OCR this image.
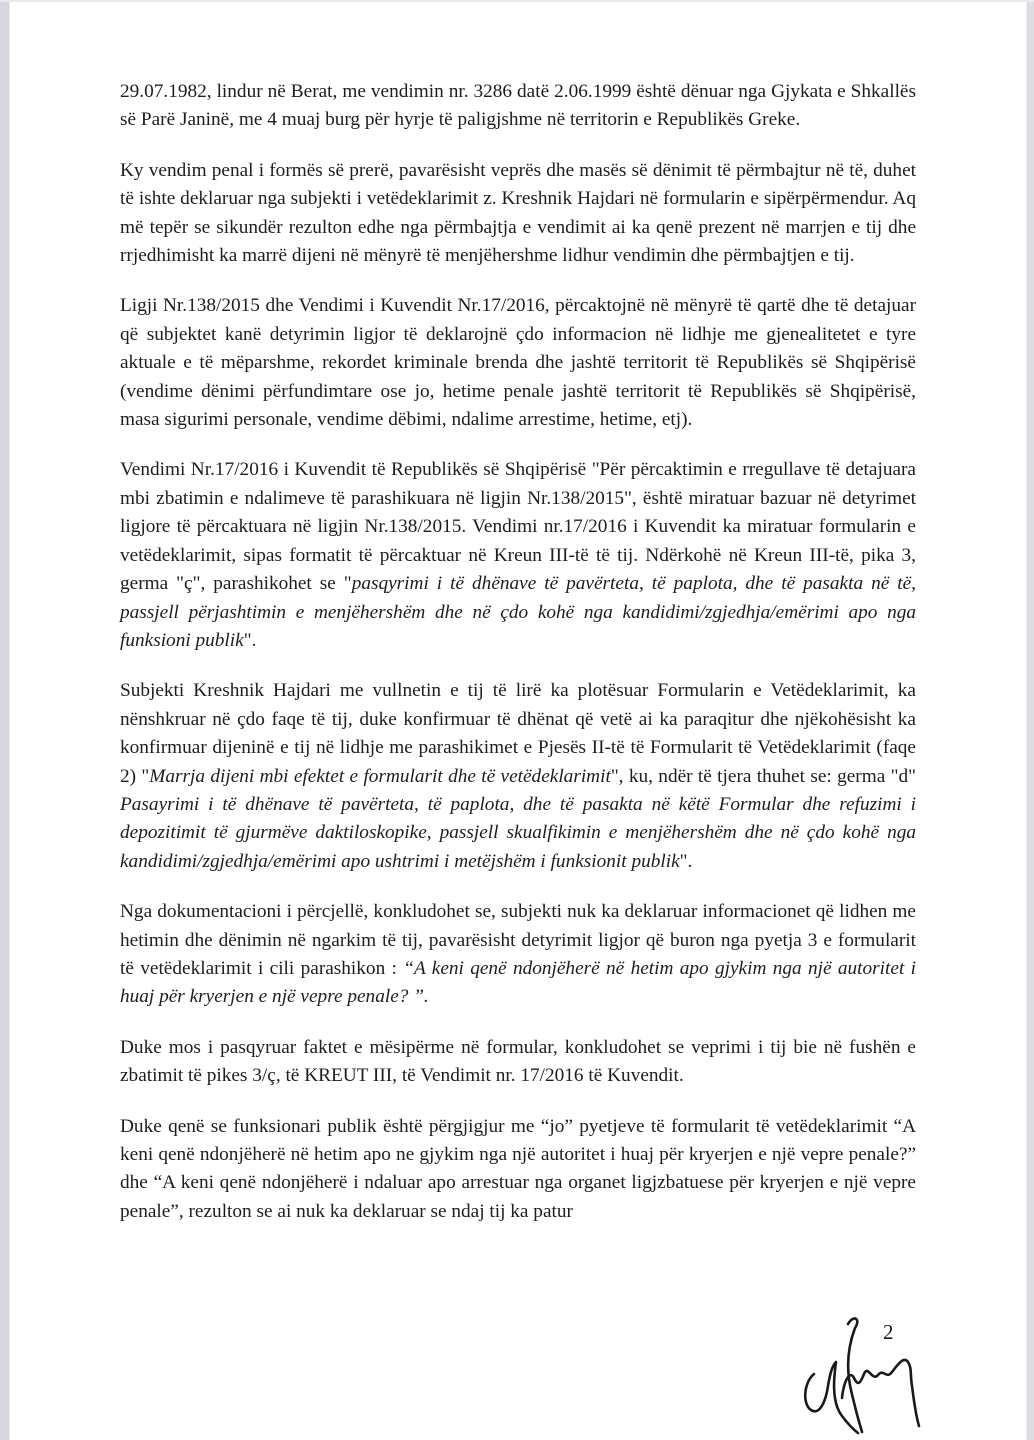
29.07.1982, lindur në Berat, me vendimin nr. 3286 datë 2.06.1999 është dënuar nga Gjykata e Shkallës së Parë Janinë, me 4 muaj burg për hyrje të paligjshme në territorin e Republikës Greke.

Ky vendim penal i formës së prerë, pavarësisht veprës dhe masës së dënimit të përmbajtur në të, duhet të ishte deklaruar nga subjekti i vetëdeklarimit z. Kreshnik Hajdari në formularin e sipërpërmendur. Aq më tepër se sikundër rezulton edhe nga përmbajtja e vendimit ai ka qenë prezent në marrjen e tij dhe rrjedhimisht ka marrë dijeni në mënyrë të menjëhershme lidhur vendimin dhe përmbajtjen e tij.

Ligji Nr.138/2015 dhe Vendimi i Kuvendit Nr.17/2016, përcaktojnë në mënyrë të qartë dhe të detajuar që subjektet kanë detyrimin ligjor të deklarojnë çdo informacion në lidhje me gjenealitetet e tyre aktuale e të mëparshme, rekordet kriminale brenda dhe jashtë territorit të Republikës së Shqipërisë (vendime dënimi përfundimtare ose jo, hetime penale jashtë territorit të Republikës së Shqipërisë, masa sigurimi personale, vendime dëbimi, ndalime arrestime, hetime, etj).

Vendimi Nr.17/2016 i Kuvendit të Republikës së Shqipërisë "Për përcaktimin e rregullave të detajuara mbi zbatimin e ndalimeve të parashikuara në ligjin Nr.138/2015", është miratuar bazuar në detyrimet ligjore të përcaktuara në ligjin Nr.138/2015. Vendimi nr.17/2016 i Kuvendit ka miratuar formularin e vetëdeklarimit, sipas formatit të përcaktuar në Kreun III-të të tij. Ndërkohë në Kreun III-të, pika 3, germa "ç", parashikohet se "pasqyrimi i të dhënave të pavërteta, të paplota, dhe të pasakta në të, passjell përjashtimin e menjëhershëm dhe në çdo kohë nga kandidimi/zgjedhja/emërimi apo nga funksioni publik".

Subjekti Kreshnik Hajdari me vullnetin e tij të lirë ka plotësuar Formularin e Vetëdeklarimit, ka nënshkruar në çdo faqe të tij, duke konfirmuar të dhënat që vetë ai ka paraqitur dhe njëkohësisht ka konfirmuar dijeninë e tij në lidhje me parashikimet e Pjesës II-të të Formularit të Vetëdeklarimit (faqe 2) "Marrja dijeni mbi efektet e formularit dhe të vetëdeklarimit", ku, ndër të tjera thuhet se: germa "d" Pasayrimi i të dhënave të pavërteta, të paplota, dhe të pasakta në këtë Formular dhe refuzimi i depozitimit të gjurmëve daktiloskopike, passjell skualfikimin e menjëhershëm dhe në çdo kohë nga kandidimi/zgjedhja/emërimi apo ushtrimi i metëjshëm i funksionit publik".

Nga dokumentacioni i përcjellë, konkludohet se, subjekti nuk ka deklaruar informacionet që lidhen me hetimin dhe dënimin në ngarkim të tij, pavarësisht detyrimit ligjor që buron nga pyetja 3 e formularit të vetëdeklarimit i cili parashikon : “A keni qenë ndonjëherë në hetim apo gjykim nga një autoritet i huaj për kryerjen e një vepre penale? ”.

Duke mos i pasqyruar faktet e mësipërme në formular, konkludohet se veprimi i tij bie në fushën e zbatimit të pikes 3/ç, të KREUT III, të Vendimit nr. 17/2016 të Kuvendit.

Duke qenë se funksionari publik është përgjigjur me “jo” pyetjeve të formularit të vetëdeklarimit “A keni qenë ndonjëherë në hetim apo ne gjykim nga një autoritet i huaj për kryerjen e një vepre penale?” dhe “A keni qenë ndonjëherë i ndaluar apo arrestuar nga organet ligjzbatuese për kryerjen e një vepre penale”, rezulton se ai nuk ka deklaruar se ndaj tij ka patur

2
